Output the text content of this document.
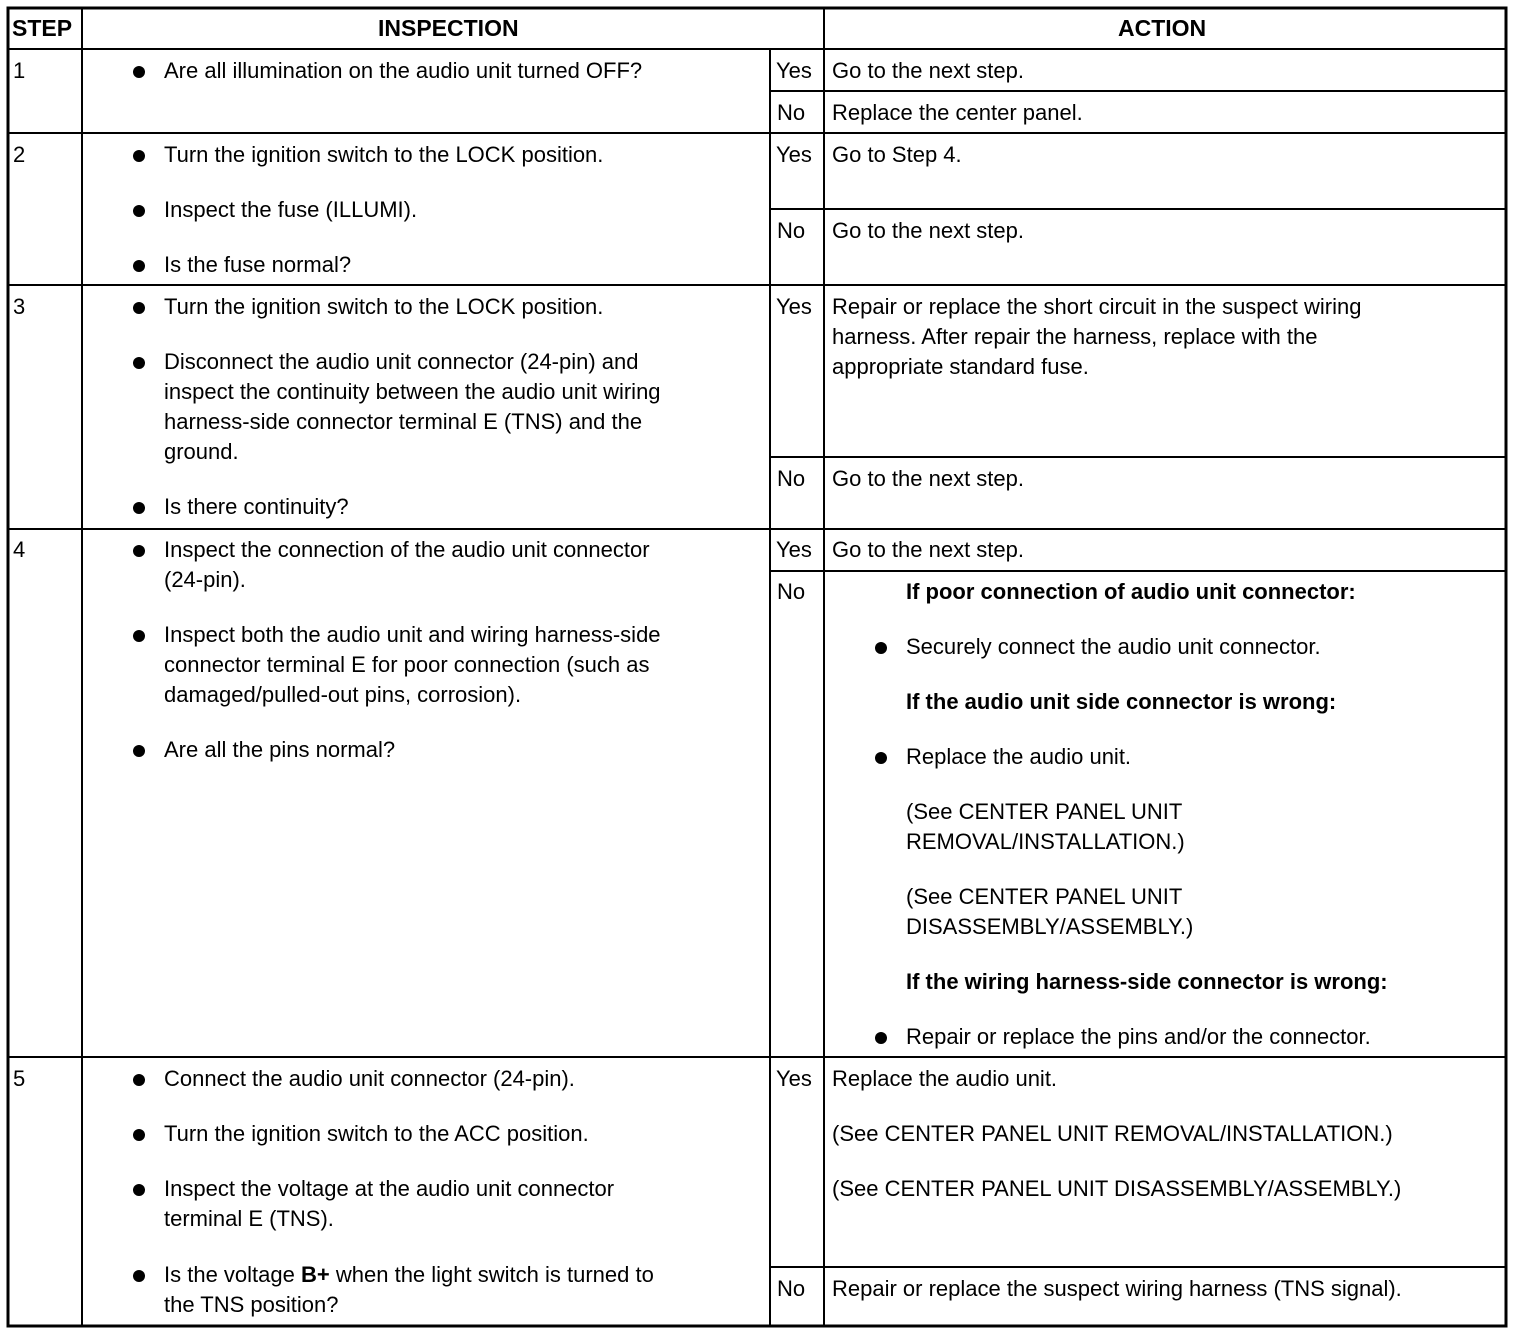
STEP	INSPECTION	ACTION
1	Are all illumination on the audio unit turned OFF?	Yes Go to the next step.
No Replace the center panel.
2	Turn the ignition switch to the LOCK position.
Inspect the fuse (ILLUMI).
Is the fuse normal?
Yes Go to Step 4.
No Go to the next step.
3	Turn the ignition switch to the LOCK position.
Disconnect the audio unit connector (24-pin) and
inspect the continuity between the audio unit wiring
harness-side connector terminal E (TNS) and the
ground.
Is there continuity?
Yes Repair or replace the short circuit in the suspect wiring
harness. After repair the harness, replace with the
appropriate standard fuse.
No Go to the next step.
4	Inspect the connection of the audio unit connector
(24-pin).
Inspect both the audio unit and wiring harness-side
connector terminal E for poor connection (such as
damaged/pulled-out pins, corrosion).
Are all the pins normal?
Yes Go to the next step.
No	If poor connection of audio unit connector:
Securely connect the audio unit connector.
If the audio unit side connector is wrong:
Replace the audio unit.
(See CENTER PANEL UNIT
REMOVAL/INSTALLATION.)
(See CENTER PANEL UNIT
DISASSEMBLY/ASSEMBLY.)
If the wiring harness-side connector is wrong:
Repair or replace the pins and/or the connector.
5	Connect the audio unit connector (24-pin).
Turn the ignition switch to the ACC position.
Inspect the voltage at the audio unit connector
terminal E (TNS).
Is the voltage B+ when the light switch is turned to
the TNS position?
Yes Replace the audio unit.
(See CENTER PANEL UNIT REMOVAL/INSTALLATION.)
(See CENTER PANEL UNIT DISASSEMBLY/ASSEMBLY.)
No Repair or replace the suspect wiring harness (TNS signal).
